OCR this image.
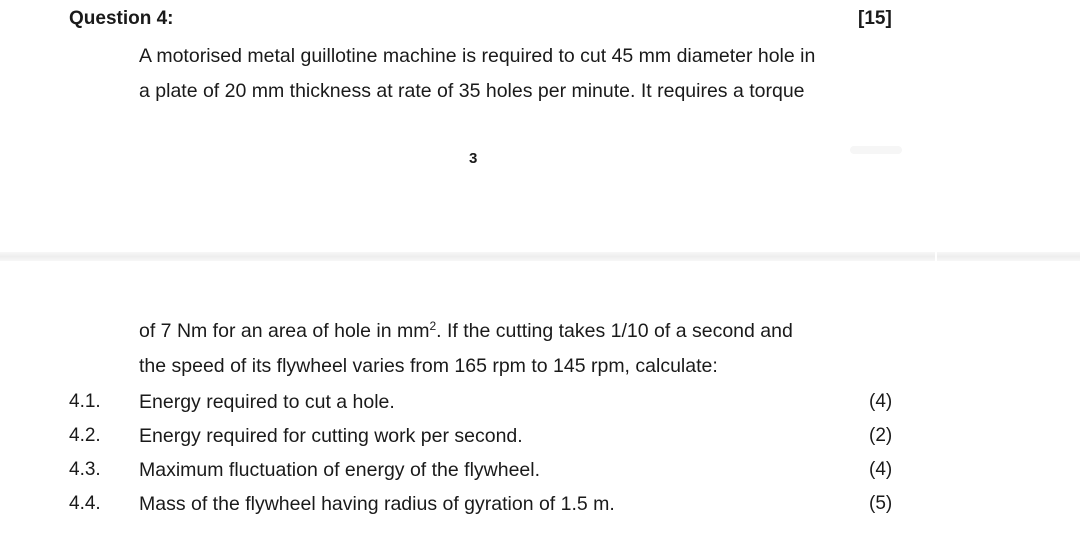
Question 4:	[15]
A motorised metal guillotine machine is required to cut 45 mm diameter hole in
a plate of 20 mm thickness at rate of 35 holes per minute. It requires a torque
3
of 7 Nm for an area of hole in $mm^2$. If the cutting takes 1/10 of a second and
the speed of its flywheel varies from 165 rpm to 145 rpm, calculate:
4.1. Energy required to cut a hole.	(4)
4.2. Energy required for cutting work per second.	(2)
4.3. Maximum fluctuation of energy of the flywheel.	(4)
4.4. Mass of the flywheel having radius of gyration of 1.5 m.	(5)
